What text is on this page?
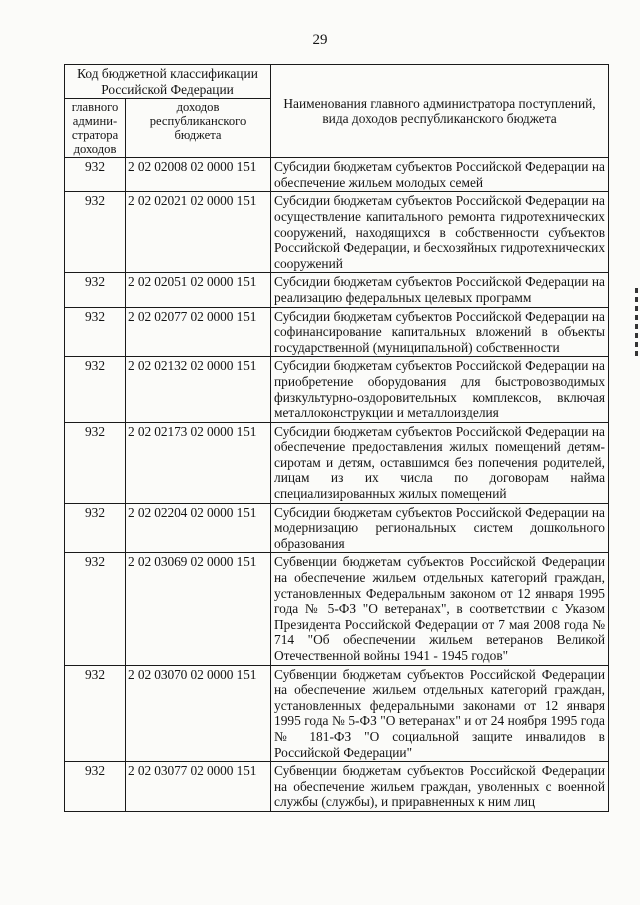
29
Код бюджетной классификации Российской Федерации		Наименования главного администратора поступлений, вида доходов республиканского бюджета
главного админи-стратора доходов	доходов республиканского бюджета	
932	2 02 02008 02 0000 151	Субсидии бюджетам субъектов Российской Федерации на обеспечение жильем молодых семей
932	2 02 02021 02 0000 151	Субсидии бюджетам субъектов Российской Федерации на осуществление капитального ремонта гидротехнических сооружений, находящихся в собственности субъектов Российской Федерации, и бесхозяйных гидротехнических сооружений
932	2 02 02051 02 0000 151	Субсидии бюджетам субъектов Российской Федерации на реализацию федеральных целевых программ
932	2 02 02077 02 0000 151	Субсидии бюджетам субъектов Российской Федерации на софинансирование капитальных вложений в объекты государственной (муниципальной) собственности
932	2 02 02132 02 0000 151	Субсидии бюджетам субъектов Российской Федерации на приобретение оборудования для быстровозводимых физкультурно-оздоровительных комплексов, включая металлоконструкции и металлоизделия
932	2 02 02173 02 0000 151	Субсидии бюджетам субъектов Российской Федерации на обеспечение предоставления жилых помещений детям-сиротам и детям, оставшимся без попечения родителей, лицам из их числа по договорам найма специализированных жилых помещений
932	2 02 02204 02 0000 151	Субсидии бюджетам субъектов Российской Федерации на модернизацию региональных систем дошкольного образования
932	2 02 03069 02 0000 151	Субвенции бюджетам субъектов Российской Федерации на обеспечение жильем отдельных категорий граждан, установленных Федеральным законом от 12 января 1995 года № 5-ФЗ "О ветеранах", в соответствии с Указом Президента Российской Федерации от 7 мая 2008 года № 714 "Об обеспечении жильем ветеранов Великой Отечественной войны 1941 - 1945 годов"
932	2 02 03070 02 0000 151	Субвенции бюджетам субъектов Российской Федерации на обеспечение жильем отдельных категорий граждан, установленных федеральными законами от 12 января 1995 года № 5-ФЗ "О ветеранах" и от 24 ноября 1995 года № 181-ФЗ "О социальной защите инвалидов в Российской Федерации"
932	2 02 03077 02 0000 151	Субвенции бюджетам субъектов Российской Федерации на обеспечение жильем граждан, уволенных с военной службы (службы), и приравненных к ним лиц
